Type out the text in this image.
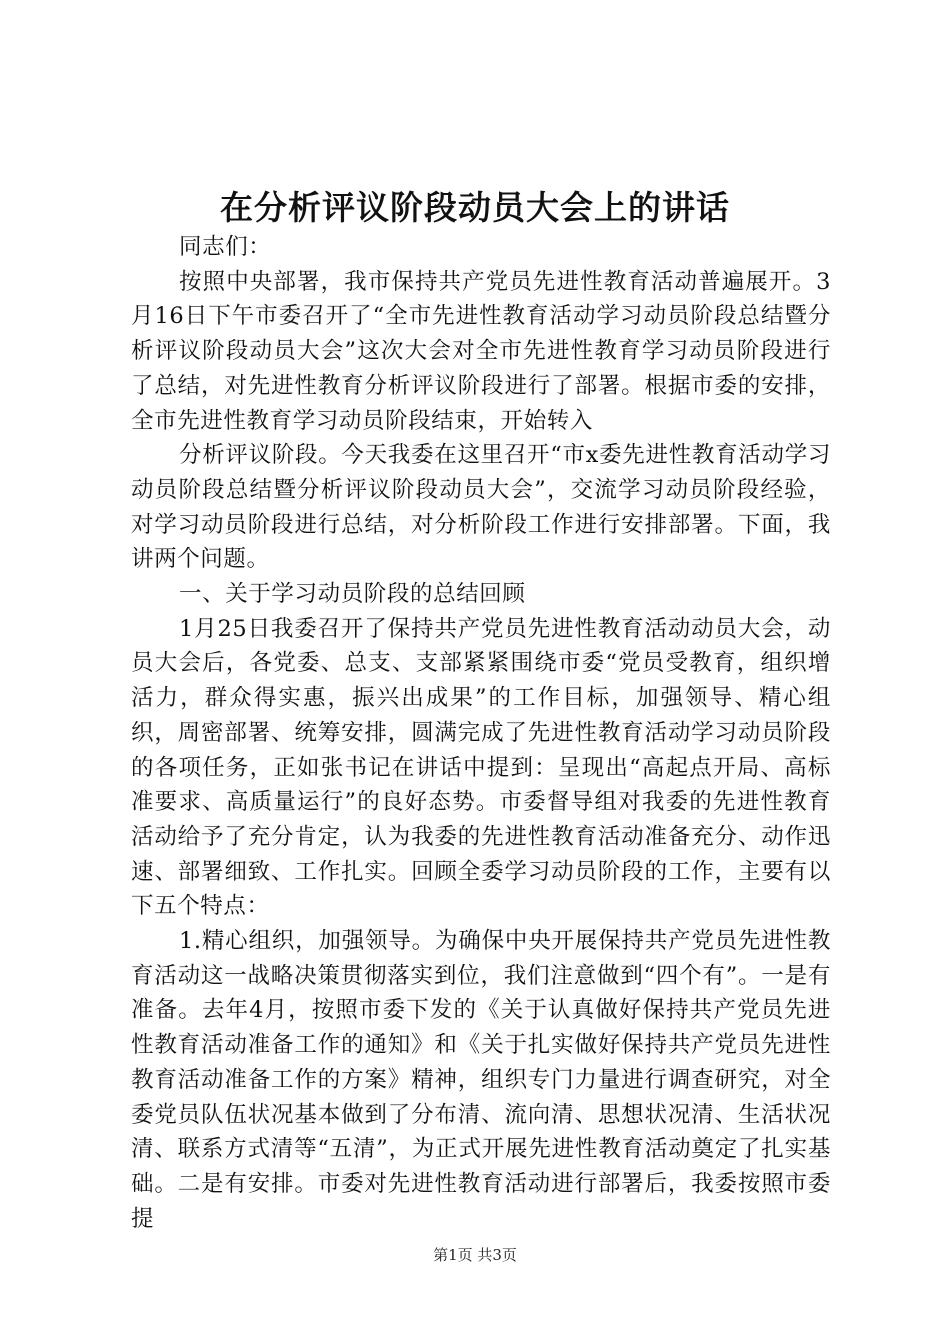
在分析评议阶段动员大会上的讲话

同志们：

按照中央部署，我市保持共产党员先进性教育活动普遍展开。3月16日下午市委召开了“全市先进性教育活动学习动员阶段总结暨分析评议阶段动员大会”这次大会对全市先进性教育学习动员阶段进行了总结，对先进性教育分析评议阶段进行了部署。根据市委的安排，全市先进性教育学习动员阶段结束，开始转入

分析评议阶段。今天我委在这里召开“市x委先进性教育活动学习动员阶段总结暨分析评议阶段动员大会”，交流学习动员阶段经验，对学习动员阶段进行总结，对分析阶段工作进行安排部署。下面，我讲两个问题。

一、关于学习动员阶段的总结回顾

1月25日我委召开了保持共产党员先进性教育活动动员大会，动员大会后，各党委、总支、支部紧紧围绕市委“党员受教育，组织增活力，群众得实惠，振兴出成果”的工作目标，加强领导、精心组织，周密部署、统筹安排，圆满完成了先进性教育活动学习动员阶段的各项任务，正如张书记在讲话中提到：呈现出“高起点开局、高标准要求、高质量运行”的良好态势。市委督导组对我委的先进性教育活动给予了充分肯定，认为我委的先进性教育活动准备充分、动作迅速、部署细致、工作扎实。回顾全委学习动员阶段的工作，主要有以下五个特点：

1.精心组织，加强领导。为确保中央开展保持共产党员先进性教育活动这一战略决策贯彻落实到位，我们注意做到“四个有”。一是有准备。去年4月，按照市委下发的《关于认真做好保持共产党员先进性教育活动准备工作的通知》和《关于扎实做好保持共产党员先进性教育活动准备工作的方案》精神，组织专门力量进行调查研究，对全委党员队伍状况基本做到了分布清、流向清、思想状况清、生活状况清、联系方式清等“五清”，为正式开展先进性教育活动奠定了扎实基础。二是有安排。市委对先进性教育活动进行部署后，我委按照市委提

第1页 共3页
